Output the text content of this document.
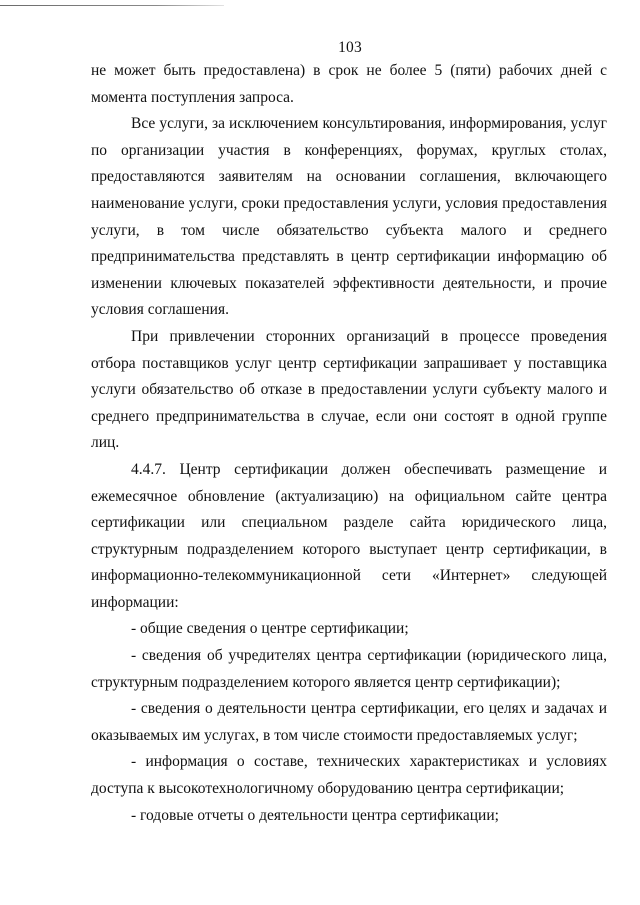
103

не может быть предоставлена) в срок не более 5 (пяти) рабочих дней с момента поступления запроса.

Все услуги, за исключением консультирования, информирования, услуг по организации участия в конференциях, форумах, круглых столах, предоставляются заявителям на основании соглашения, включающего наименование услуги, сроки предоставления услуги, условия предоставления услуги, в том числе обязательство субъекта малого и среднего предпринимательства представлять в центр сертификации информацию об изменении ключевых показателей эффективности деятельности, и прочие условия соглашения.

При привлечении сторонних организаций в процессе проведения отбора поставщиков услуг центр сертификации запрашивает у поставщика услуги обязательство об отказе в предоставлении услуги субъекту малого и среднего предпринимательства в случае, если они состоят в одной группе лиц.

4.4.7. Центр сертификации должен обеспечивать размещение и ежемесячное обновление (актуализацию) на официальном сайте центра сертификации или специальном разделе сайта юридического лица, структурным подразделением которого выступает центр сертификации, в информационно-телекоммуникационной сети «Интернет» следующей информации:

- общие сведения о центре сертификации;

- сведения об учредителях центра сертификации (юридического лица, структурным подразделением которого является центр сертификации);

- сведения о деятельности центра сертификации, его целях и задачах и оказываемых им услугах, в том числе стоимости предоставляемых услуг;

- информация о составе, технических характеристиках и условиях доступа к высокотехнологичному оборудованию центра сертификации;

- годовые отчеты о деятельности центра сертификации;
